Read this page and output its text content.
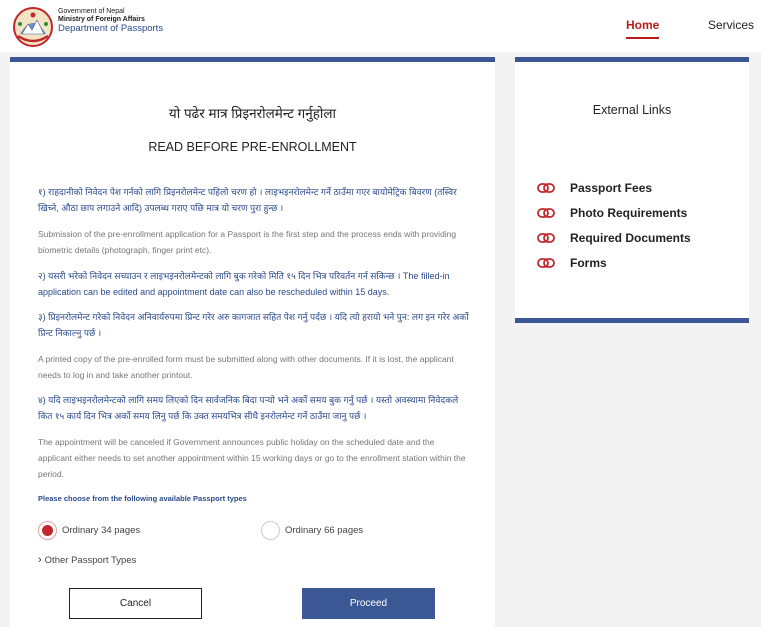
Government of Nepal
Ministry of Foreign Affairs
Department of Passports	Home	Services
यो पढेर मात्र प्रिइनरोलमेन्ट गर्नुहोला
READ BEFORE PRE-ENROLLMENT

१) राहदानीको निवेदन पेश गर्नको लागि प्रिइनरोलमेन्ट पहिलो चरण हो । लाइभइनरोलमेन्ट गर्ने ठाउँमा गएर बायोमेट्रिक बिवरण (तस्विर खिच्ने, औठा छाप लगाउने आदि) उपलब्ध गराए पछि मात्र यो चरण पुरा हुन्छ ।

Submission of the pre-enrollment application for a Passport is the first step and the process ends with providing biometric details (photograph, finger print etc).

२) यसरी भरेको निवेदन सच्याउन र लाइभइनरोलमेन्टको लागि बुक गरेको मिति १५ दिन भित्र परिवर्तन गर्न सकिन्छ । The filled-in application can be edited and appointment date can also be rescheduled within 15 days.

३) प्रिइनरोलमेन्ट गरेको निवेदन अनिवार्यरुपमा प्रिन्ट गरेर अरु कागजात सहित पेश गर्नु पर्दछ । यदि त्यो हरायो भने पुन: लग इन गरेर अर्को प्रिन्ट निकाल्नु पर्छ ।

A printed copy of the pre-enrolled form must be submitted along with other documents. If it is lost, the applicant needs to log in and take another printout.

४) यदि लाइभइनरोलमेन्टको लागि समय लिएको दिन सार्वजनिक बिदा पर्‍यो भने अर्को समय बुक गर्नु पर्छ । यस्तो अवस्थामा निवेदकले कित १५ कार्य दिन भित्र अर्को समय लिनु पर्छ कि उक्त समयभित्र सीधै इनरोलमेन्ट गर्ने ठाउँमा जानु पर्छ ।

The appointment will be canceled if Government announces public holiday on the scheduled date and the applicant either needs to set another appointment within 15 working days or go to the enrollment station within the period.

Please choose from the following available Passport types
Ordinary 34 pages	Ordinary 66 pages
› Other Passport Types
Cancel	Proceed
External Links
Passport Fees
Photo Requirements
Required Documents
Forms
